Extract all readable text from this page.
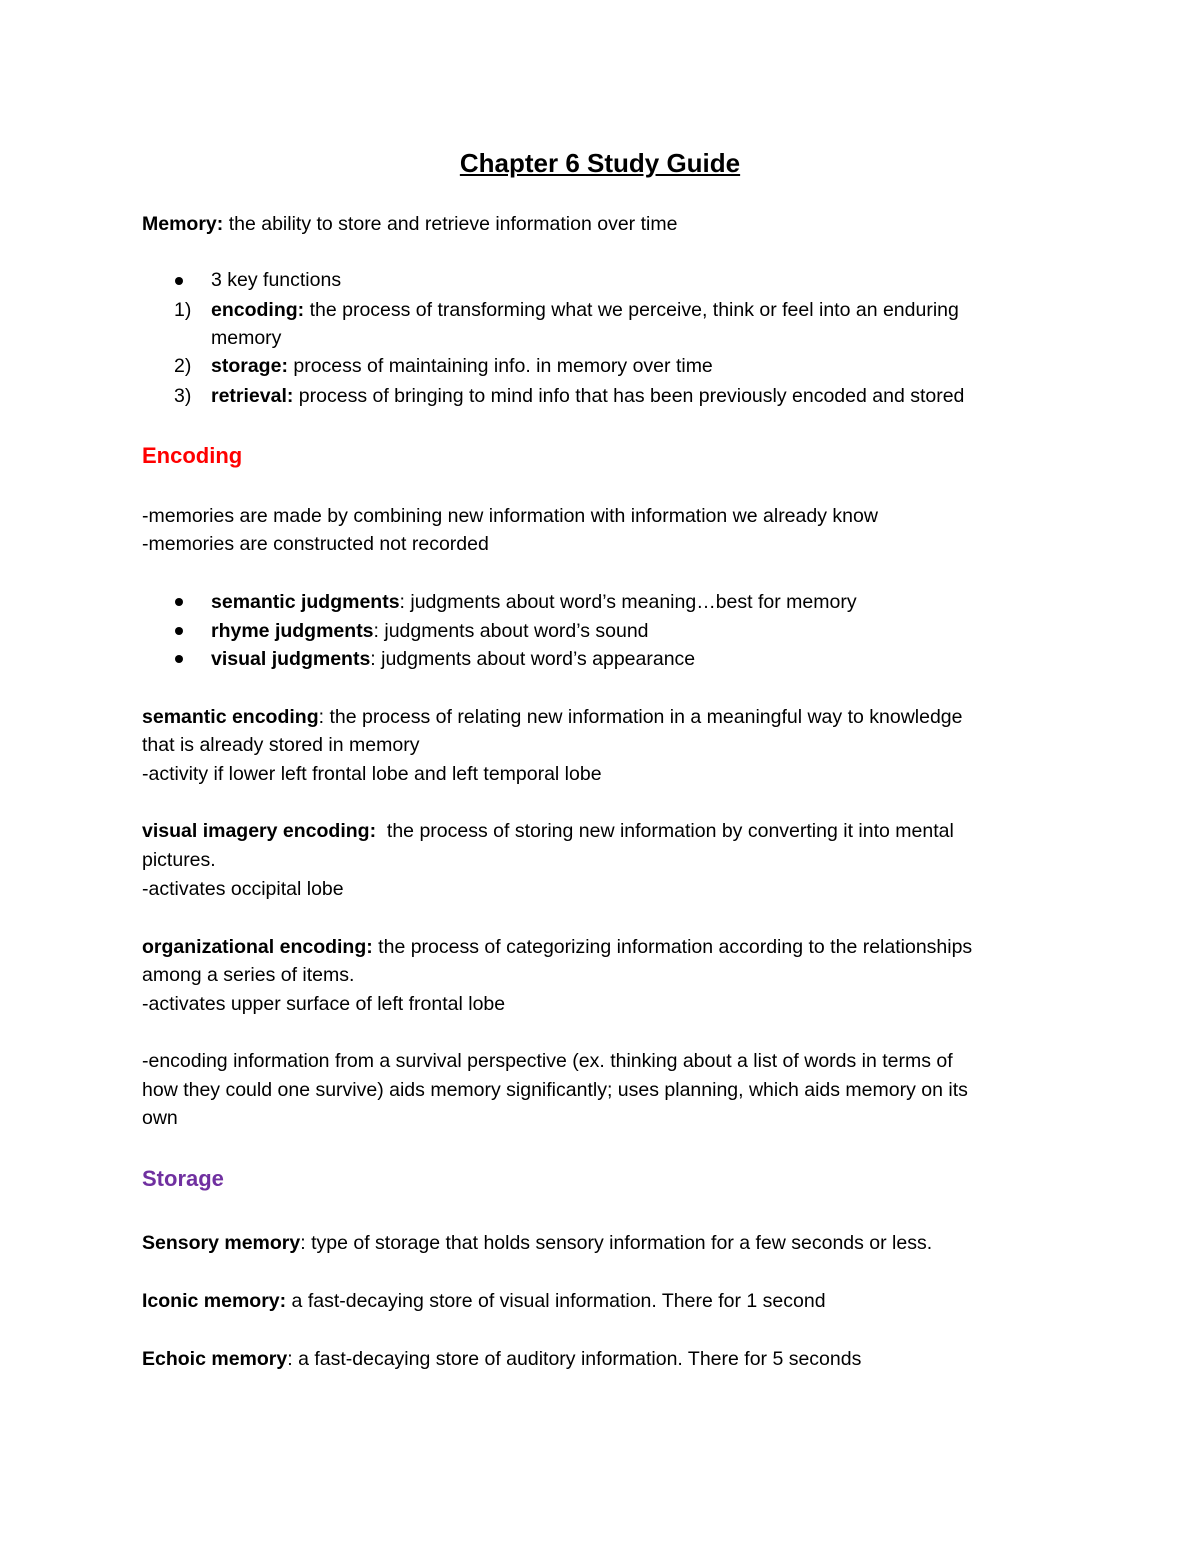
Chapter 6 Study Guide
Memory: the ability to store and retrieve information over time
3 key functions
1) encoding: the process of transforming what we perceive, think or feel into an enduring
memory
2) storage: process of maintaining info. in memory over time
3) retrieval: process of bringing to mind info that has been previously encoded and stored
Encoding
-memories are made by combining new information with information we already know
-memories are constructed not recorded
semantic judgments: judgments about word’s meaning…best for memory
rhyme judgments: judgments about word’s sound
visual judgments: judgments about word’s appearance
semantic encoding: the process of relating new information in a meaningful way to knowledge
that is already stored in memory
-activity if lower left frontal lobe and left temporal lobe
visual imagery encoding:  the process of storing new information by converting it into mental
pictures.
-activates occipital lobe
organizational encoding: the process of categorizing information according to the relationships
among a series of items.
-activates upper surface of left frontal lobe
-encoding information from a survival perspective (ex. thinking about a list of words in terms of
how they could one survive) aids memory significantly; uses planning, which aids memory on its
own
Storage
Sensory memory: type of storage that holds sensory information for a few seconds or less.
Iconic memory: a fast-decaying store of visual information. There for 1 second
Echoic memory: a fast-decaying store of auditory information. There for 5 seconds
